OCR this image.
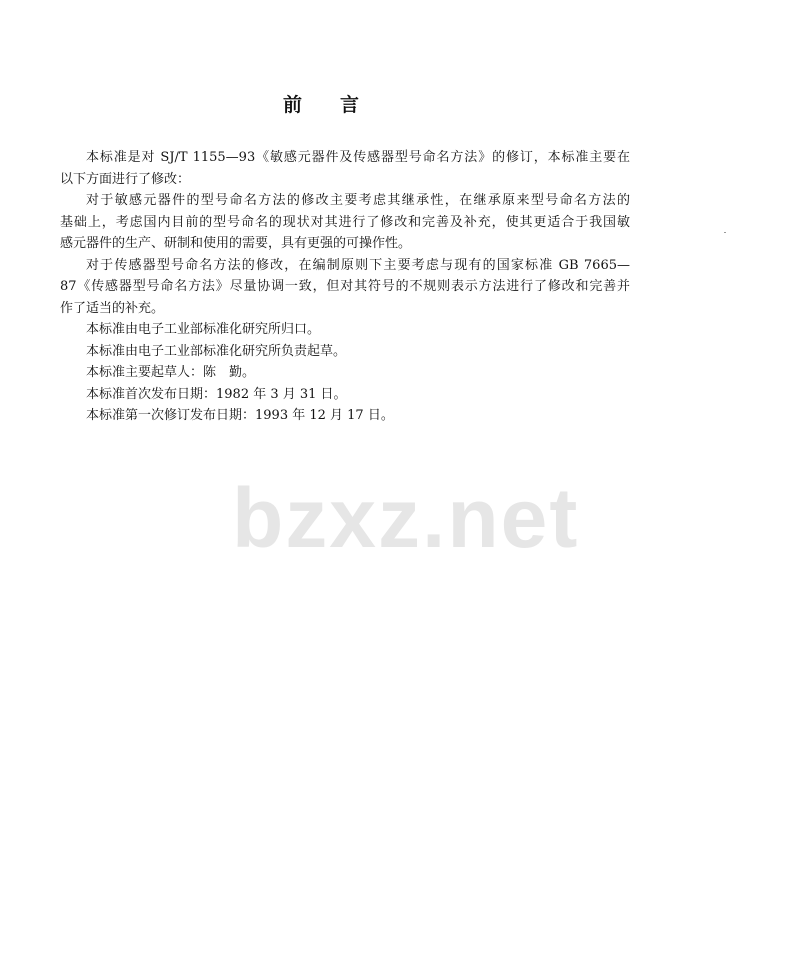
前言
本标准是对 SJ/T 1155—93《敏感元器件及传感器型号命名方法》的修订，本标准主要在
以下方面进行了修改：
对于敏感元器件的型号命名方法的修改主要考虑其继承性，在继承原来型号命名方法的
基础上，考虑国内目前的型号命名的现状对其进行了修改和完善及补充，使其更适合于我国敏
感元器件的生产、研制和使用的需要，具有更强的可操作性。
对于传感器型号命名方法的修改，在编制原则下主要考虑与现有的国家标准 GB 7665—
87《传感器型号命名方法》尽量协调一致，但对其符号的不规则表示方法进行了修改和完善并
作了适当的补充。
本标准由电子工业部标准化研究所归口。
本标准由电子工业部标准化研究所负责起草。
本标准主要起草人：陈　勤。
本标准首次发布日期：1982 年 3 月 31 日。
本标准第一次修订发布日期：1993 年 12 月 17 日。
bzxz.net
